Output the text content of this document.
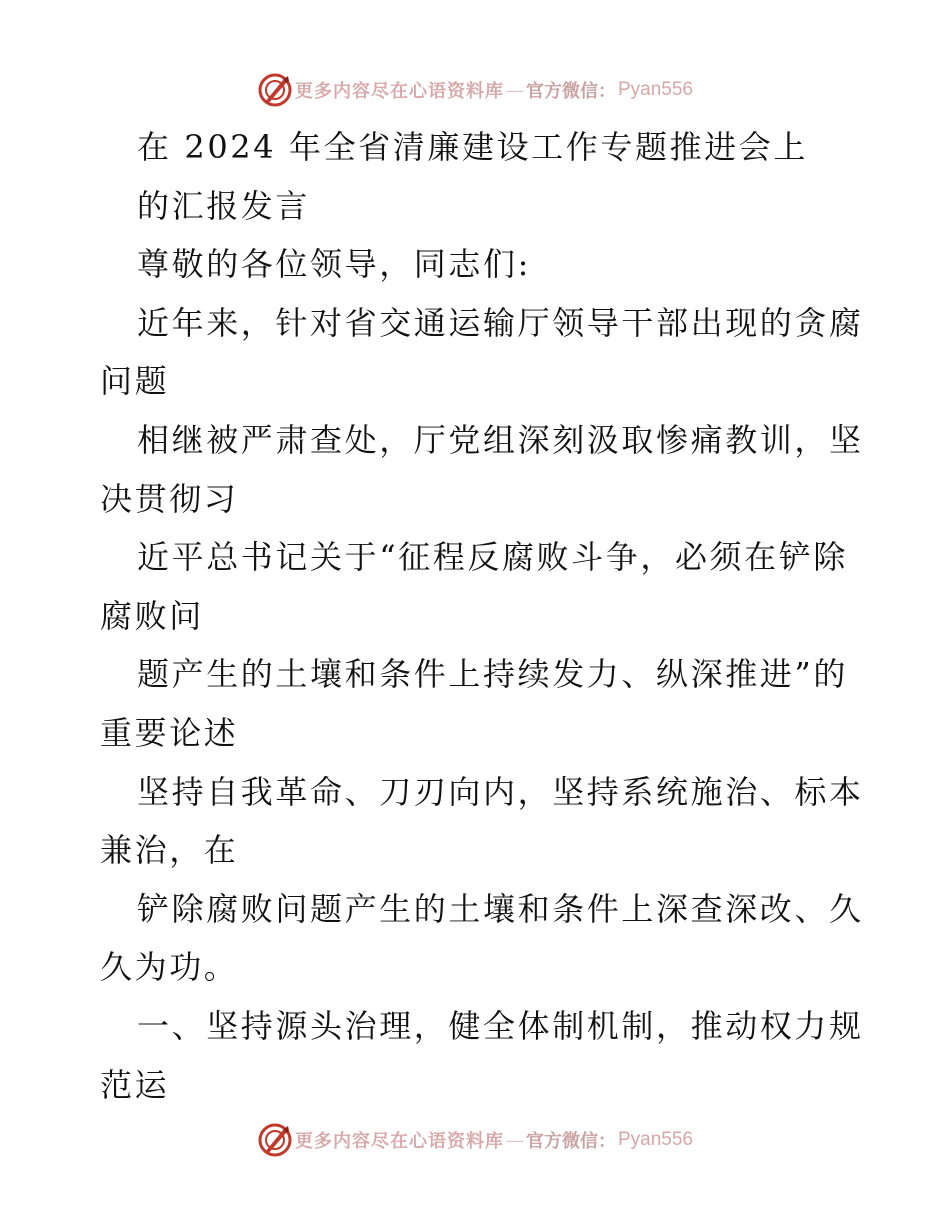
更多内容尽在心语资料库 — 官方微信： Pyan556
在 2024 年全省清廉建设工作专题推进会上
的汇报发言
尊敬的各位领导，同志们:
近年来，针对省交通运输厅领导干部出现的贪腐
问题
相继被严肃查处，厅党组深刻汲取惨痛教训，坚
决贯彻习
近平总书记关于“征程反腐败斗争，必须在铲除
腐败问
题产生的土壤和条件上持续发力、纵深推进”的
重要论述
坚持自我革命、刀刃向内，坚持系统施治、标本
兼治，在
铲除腐败问题产生的土壤和条件上深查深改、久
久为功。
一、坚持源头治理，健全体制机制，推动权力规
范运
更多内容尽在心语资料库 — 官方微信： Pyan556
